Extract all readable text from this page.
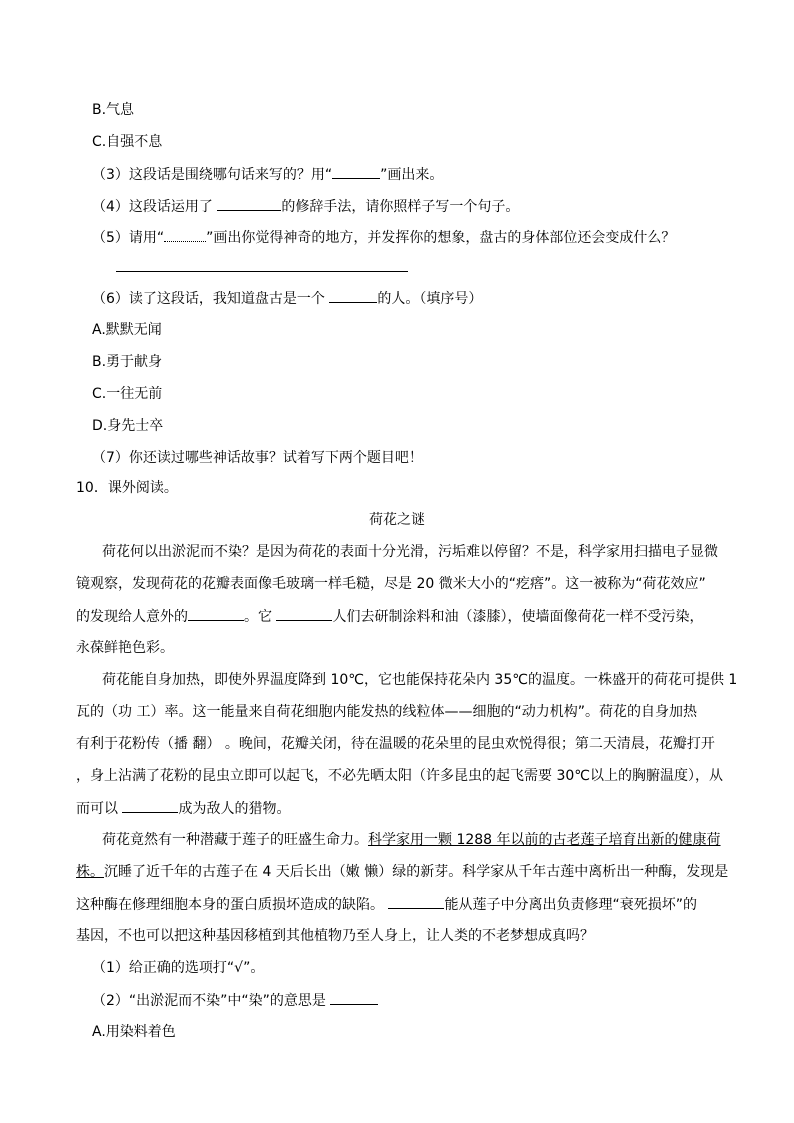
B.气息
C.自强不息
（3）这段话是围绕哪句话来写的？用“	”画出来。
（4）这段话运用了	的修辞手法，请你照样子写一个句子。
（5）请用“	”画出你觉得神奇的地方，并发挥你的想象，盘古的身体部位还会变成什么？
（6）读了这段话，我知道盘古是一个	的人。（填序号）
A.默默无闻
B.勇于献身
C.一往无前
D.身先士卒
（7）你还读过哪些神话故事？试着写下两个题目吧！
10．课外阅读。
荷花之谜
荷花何以出淤泥而不染？是因为荷花的表面十分光滑，污垢难以停留？不是，科学家用扫描电子显微
镜观察，发现荷花的花瓣表面像毛玻璃一样毛糙，尽是 20 微米大小的“疙瘩”。这一被称为“荷花效应”
的发现给人意外的	。它	人们去研制涂料和油（漆膝），使墙面像荷花一样不受污染，
永葆鲜艳色彩。
荷花能自身加热，即使外界温度降到 10℃，它也能保持花朵内 35℃的温度。一株盛开的荷花可提供 1
瓦的（功 工）率。这一能量来自荷花细胞内能发热的线粒体——细胞的“动力机构”。荷花的自身加热
有利于花粉传（播 翻） 。晚间，花瓣关闭，待在温暖的花朵里的昆虫欢悦得很；第二天清晨，花瓣打开
，身上沾满了花粉的昆虫立即可以起飞，不必先晒太阳（许多昆虫的起飞需要 30℃以上的胸腑温度），从
而可以	成为敌人的猎物。
荷花竟然有一种潜藏于莲子的旺盛生命力。科学家用一颗 1288 年以前的古老莲子培育出新的健康荷
株。沉睡了近千年的古莲子在 4 天后长出（嫩 懒）绿的新芽。科学家从千年古莲中离析出一种酶，发现是
这种酶在修理细胞本身的蛋白质损坏造成的缺陷。	能从莲子中分离出负责修理“衰死损坏”的
基因，不也可以把这种基因移植到其他植物乃至人身上，让人类的不老梦想成真吗？
（1）给正确的选项打“√”。
（2）“出淤泥而不染”中“染”的意思是
A.用染料着色
